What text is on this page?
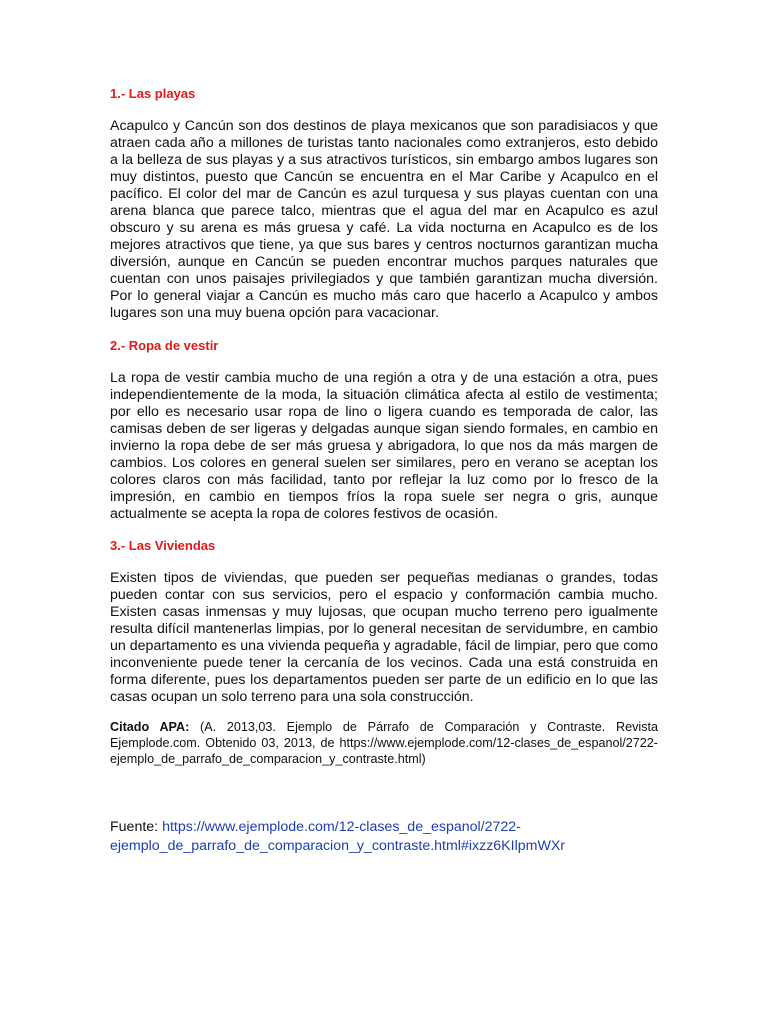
1.- Las playas

Acapulco y Cancún son dos destinos de playa mexicanos que son paradisiacos y que atraen cada año a millones de turistas tanto nacionales como extranjeros, esto debido a la belleza de sus playas y a sus atractivos turísticos, sin embargo ambos lugares son muy distintos, puesto que Cancún se encuentra en el Mar Caribe y Acapulco en el pacífico. El color del mar de Cancún es azul turquesa y sus playas cuentan con una arena blanca que parece talco, mientras que el agua del mar en Acapulco es azul obscuro y su arena es más gruesa y café. La vida nocturna en Acapulco es de los mejores atractivos que tiene, ya que sus bares y centros nocturnos garantizan mucha diversión, aunque en Cancún se pueden encontrar muchos parques naturales que cuentan con unos paisajes privilegiados y que también garantizan mucha diversión. Por lo general viajar a Cancún es mucho más caro que hacerlo a Acapulco y ambos lugares son una muy buena opción para vacacionar.

2.- Ropa de vestir

La ropa de vestir cambia mucho de una región a otra y de una estación a otra, pues independientemente de la moda, la situación climática afecta al estilo de vestimenta; por ello es necesario usar ropa de lino o ligera cuando es temporada de calor, las camisas deben de ser ligeras y delgadas aunque sigan siendo formales, en cambio en invierno la ropa debe de ser más gruesa y abrigadora, lo que nos da más margen de cambios. Los colores en general suelen ser similares, pero en verano se aceptan los colores claros con más facilidad, tanto por reflejar la luz como por lo fresco de la impresión, en cambio en tiempos fríos la ropa suele ser negra o gris, aunque actualmente se acepta la ropa de colores festivos de ocasión.

3.- Las Viviendas

Existen tipos de viviendas, que pueden ser pequeñas medianas o grandes, todas pueden contar con sus servicios, pero el espacio y conformación cambia mucho. Existen casas inmensas y muy lujosas, que ocupan mucho terreno pero igualmente resulta difícil mantenerlas limpias, por lo general necesitan de servidumbre, en cambio un departamento es una vivienda pequeña y agradable, fácil de limpiar, pero que como inconveniente puede tener la cercanía de los vecinos. Cada una está construida en forma diferente, pues los departamentos pueden ser parte de un edificio en lo que las casas ocupan un solo terreno para una sola construcción.

Citado APA: (A. 2013,03. Ejemplo de Párrafo de Comparación y Contraste. Revista Ejemplode.com. Obtenido 03, 2013, de https://www.ejemplode.com/12-clases_de_espanol/2722-ejemplo_de_parrafo_de_comparacion_y_contraste.html)

Fuente: https://www.ejemplode.com/12-clases_de_espanol/2722-ejemplo_de_parrafo_de_comparacion_y_contraste.html#ixzz6KIlpmWXr
